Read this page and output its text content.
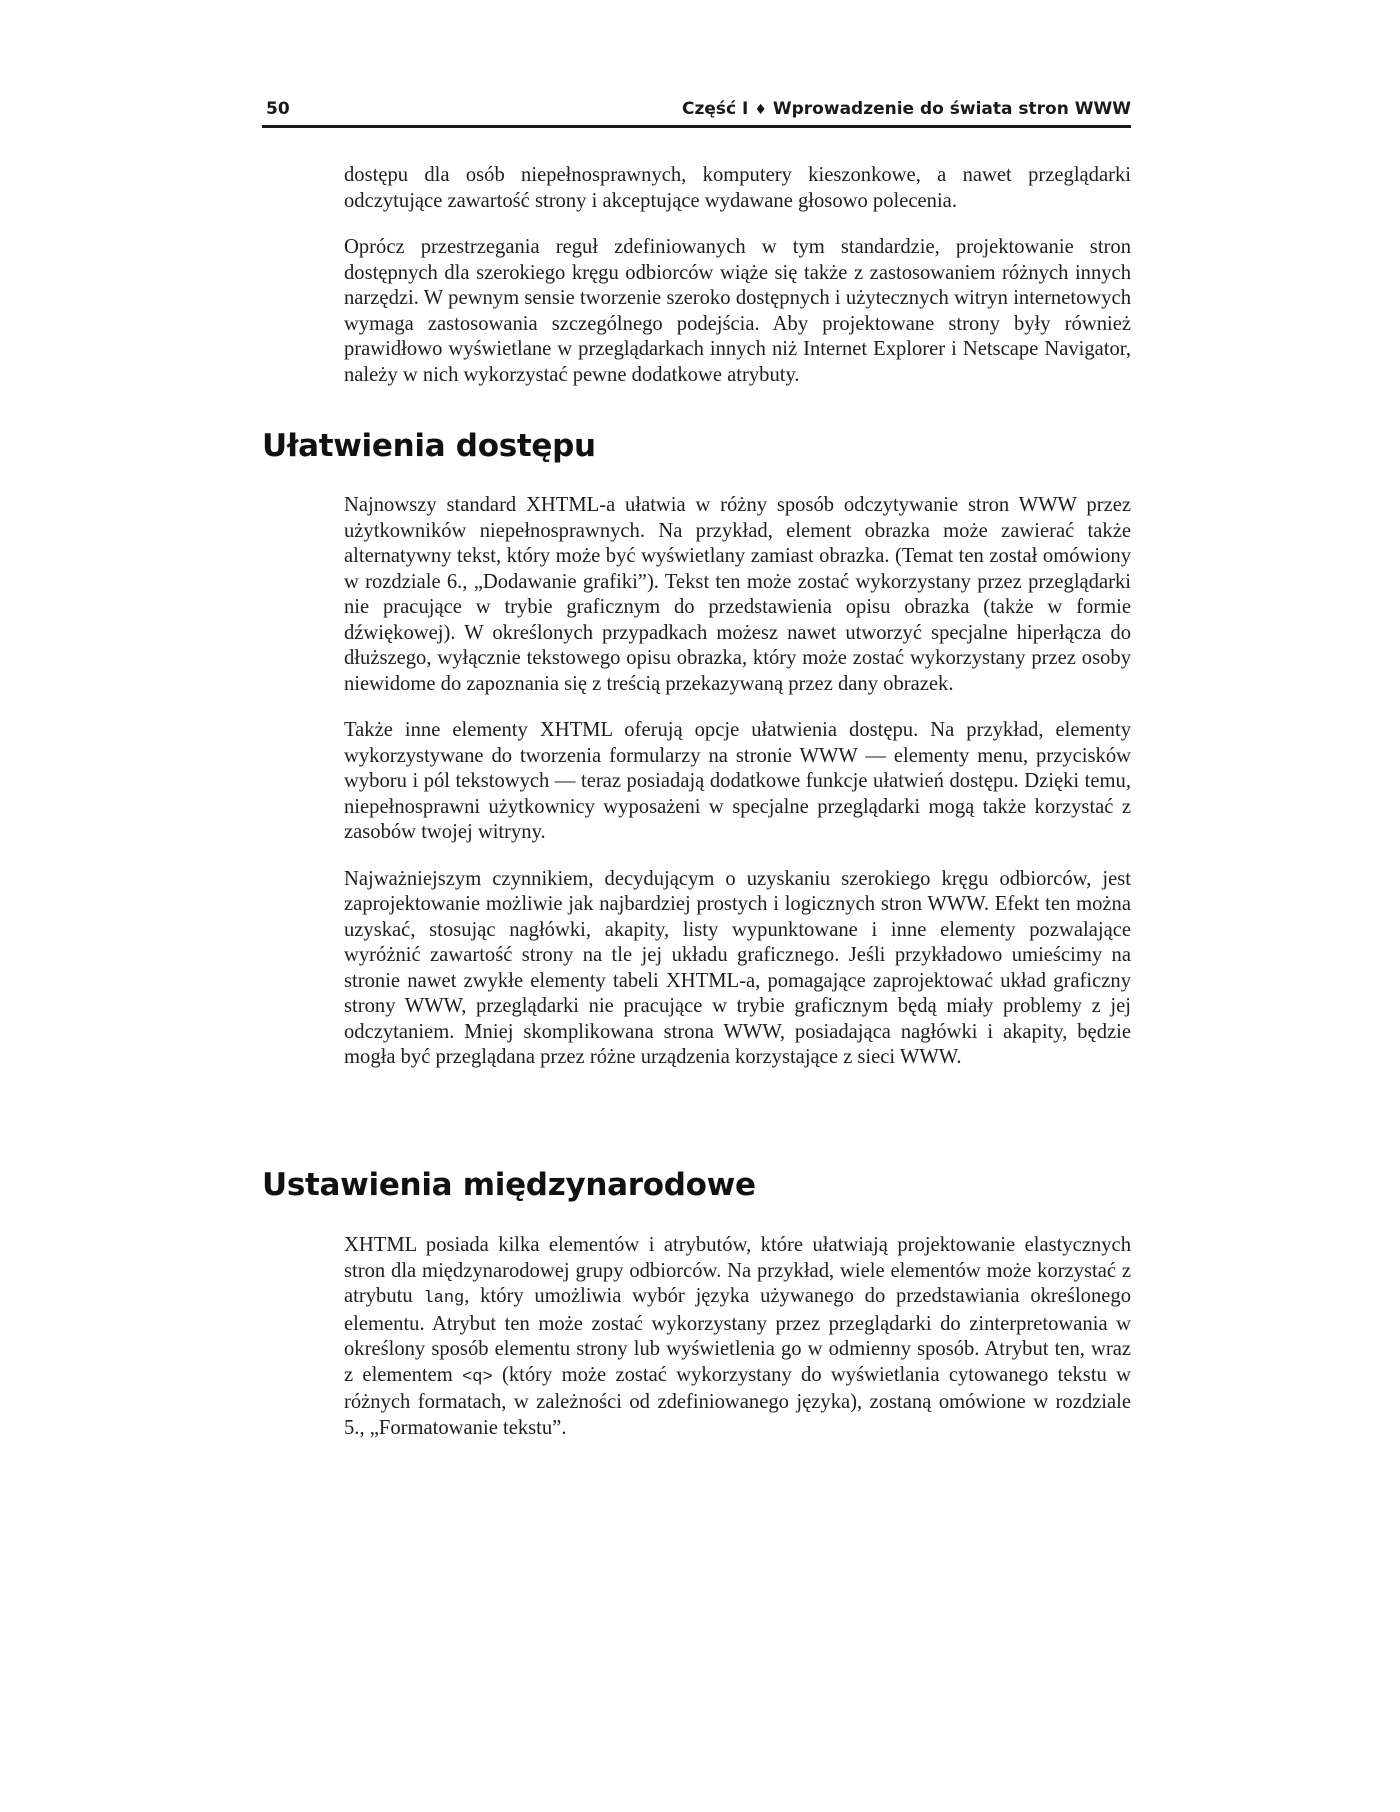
50	Część I ♦ Wprowadzenie do świata stron WWW

dostępu dla osób niepełnosprawnych, komputery kieszonkowe, a nawet przeglądarki odczytujące zawartość strony i akceptujące wydawane głosowo polecenia.

Oprócz przestrzegania reguł zdefiniowanych w tym standardzie, projektowanie stron dostępnych dla szerokiego kręgu odbiorców wiąże się także z zastosowaniem różnych innych narzędzi. W pewnym sensie tworzenie szeroko dostępnych i użytecznych witryn internetowych wymaga zastosowania szczególnego podejścia. Aby projektowane strony były również prawidłowo wyświetlane w przeglądarkach innych niż Internet Explorer i Netscape Navigator, należy w nich wykorzystać pewne dodatkowe atrybuty.

Ułatwienia dostępu

Najnowszy standard XHTML-a ułatwia w różny sposób odczytywanie stron WWW przez użytkowników niepełnosprawnych. Na przykład, element obrazka może zawierać także alternatywny tekst, który może być wyświetlany zamiast obrazka. (Temat ten został omówiony w rozdziale 6., „Dodawanie grafiki”). Tekst ten może zostać wykorzystany przez przeglądarki nie pracujące w trybie graficznym do przedstawienia opisu obrazka (także w formie dźwiękowej). W określonych przypadkach możesz nawet utworzyć specjalne hiperłącza do dłuższego, wyłącznie tekstowego opisu obrazka, który może zostać wykorzystany przez osoby niewidome do zapoznania się z treścią przekazywaną przez dany obrazek.

Także inne elementy XHTML oferują opcje ułatwienia dostępu. Na przykład, elementy wykorzystywane do tworzenia formularzy na stronie WWW — elementy menu, przycisków wyboru i pól tekstowych — teraz posiadają dodatkowe funkcje ułatwień dostępu. Dzięki temu, niepełnosprawni użytkownicy wyposażeni w specjalne przeglądarki mogą także korzystać z zasobów twojej witryny.

Najważniejszym czynnikiem, decydującym o uzyskaniu szerokiego kręgu odbiorców, jest zaprojektowanie możliwie jak najbardziej prostych i logicznych stron WWW. Efekt ten można uzyskać, stosując nagłówki, akapity, listy wypunktowane i inne elementy pozwalające wyróżnić zawartość strony na tle jej układu graficznego. Jeśli przykładowo umieścimy na stronie nawet zwykłe elementy tabeli XHTML-a, pomagające zaprojektować układ graficzny strony WWW, przeglądarki nie pracujące w trybie graficznym będą miały problemy z jej odczytaniem. Mniej skomplikowana strona WWW, posiadająca nagłówki i akapity, będzie mogła być przeglądana przez różne urządzenia korzystające z sieci WWW.

Ustawienia międzynarodowe

XHTML posiada kilka elementów i atrybutów, które ułatwiają projektowanie elastycznych stron dla międzynarodowej grupy odbiorców. Na przykład, wiele elementów może korzystać z atrybutu lang, który umożliwia wybór języka używanego do przedstawiania określonego elementu. Atrybut ten może zostać wykorzystany przez przeglądarki do zinterpretowania w określony sposób elementu strony lub wyświetlenia go w odmienny sposób. Atrybut ten, wraz z elementem <q> (który może zostać wykorzystany do wyświetlania cytowanego tekstu w różnych formatach, w zależności od zdefiniowanego języka), zostaną omówione w rozdziale 5., „Formatowanie tekstu”.
